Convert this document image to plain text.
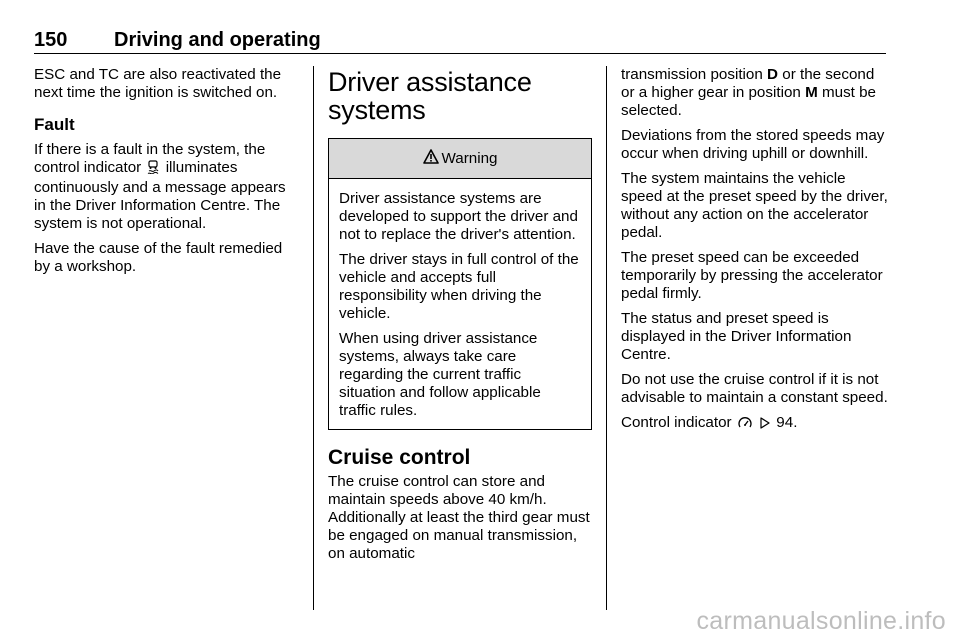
150 Driving and operating

ESC and TC are also reactivated the next time the ignition is switched on.

Fault

If there is a fault in the system, the control indicator illuminates continuously and a message appears in the Driver Information Centre. The system is not operational.

Have the cause of the fault remedied by a workshop.

Driver assistance systems
Warning

Driver assistance systems are developed to support the driver and not to replace the driver's attention.

The driver stays in full control of the vehicle and accepts full responsibility when driving the vehicle.

When using driver assistance systems, always take care regarding the current traffic situation and follow applicable traffic rules.

Cruise control

The cruise control can store and maintain speeds above 40 km/h. Additionally at least the third gear must be engaged on manual transmission, on automatic

transmission position D or the second or a higher gear in position M must be selected.

Deviations from the stored speeds may occur when driving uphill or downhill.

The system maintains the vehicle speed at the preset speed by the driver, without any action on the accelerator pedal.

The preset speed can be exceeded temporarily by pressing the accelerator pedal firmly.

The status and preset speed is displayed in the Driver Information Centre.

Do not use the cruise control if it is not advisable to maintain a constant speed.

Control indicator	94.

carmanualsonline.info
